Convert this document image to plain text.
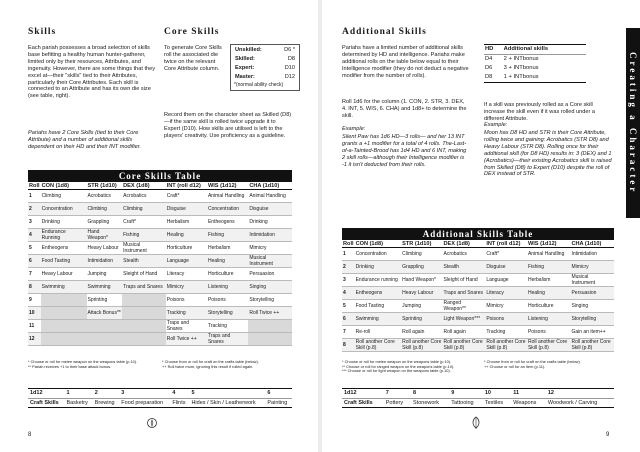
Skills
Each pariah possesses a broad selection of skills base befitting a healthy human hunter-gatherer, limited only by their resources, Attributes, and ingenuity. However, there are some things that they excel at—their "skills" tied to their Attributes, particularly their Core Attributes. Each skill is connected to an Attribute and has its own die size (see table, right).
Pariahs have 2 Core Skills (tied to their Core Attribute) and a number of additional skills dependent on their HD and their INT modifier.
Core Skills
To generate Core Skills roll the associated die twice on the relevant Core Attribute column.
Record them on the character sheet as Skilled (D8)—if the same skill is rolled twice upgrade it to Expert (D10). How skills are utilised is left to the players' creativity. Use proficiency as a guideline.
Unskilled:	D6 *
Skilled:	D8
Expert:	D10
Master:	D12
*(normal ability check)
Core Skills Table
Roll	CON (1d8)	STR (1d10)	DEX (1d8)	INT (roll d12)	WIS (1d12)	CHA (1d10)
1	Climbing	Acrobatics	Acrobatics	Craft*	Animal Handling	Animal Handling
2	Concentration	Climbing	Climbing	Disguise	Concentration	Disguise
3	Drinking	Grappling	Craft*	Herbalism	Entheogens	Drinking
4	Endurance Running	Hand Weapon*	Fishing	Healing	Fishing	Intimidation
5	Entheogens	Heavy Labour	Musical Instrument	Horticulture	Herbalism	Mimicry
6	Food Tasting	Intimidation	Stealth	Language	Healing	Musical Instrument
7	Heavy Labour	Jumping	Sleight of Hand	Literacy	Horticulture	Persuasion
8	Swimming	Swimming	Traps and Snares	Mimicry	Listening	Singing
9		Sprinting		Poisons	Poisons	Storytelling
10		Attack Bonus**		Tracking	Storytelling	Roll Twice ++
11				Traps and Snares	Tracking	
12				Roll Twice ++	Traps and Snares	
* Choose or roll for melee weapon on the weapons table (p.10).
** Pariah receives +1 to their base attack bonus.
* Choose from or roll for craft on the crafts table (below).
++ Roll twice more, ignoring this result if rolled again.
1d12	1	2	3	4	5	6
Craft Skills	Basketry	Brewing	Food preparation	Flints	Hides / Skin / Leatherwork	Painting
8
Additional Skills
Pariahs have a limited number of additional skills determined by HD and intelligence. Pariahs make additional rolls on the table below equal to their Intelligence modifier (they do not deduct a negative modifier from the number of rolls).
Roll 1d6 for the column (1. CON, 2. STR, 3. DEX, 4. INT, 5. WIS, 6. CHA) and 1d8+ to determine the skill.
Example:
Silent Paw has 1d6 HD—3 rolls— and her 13 INT grants a +1 modifier for a total of 4 rolls. The-Last-of-a-Tainted-Brood has 1d4 HD and 6 INT, making 2 skill rolls—although their Intelligence modifier is -1 it isn't deducted from their rolls.
HD	Additional skills
D4	2 + INTbonus
D6	3 + INTbonus
D8	1 + INTbonus
If a skill was previously rolled as a Core skill increase the skill even if it was rolled under a different Attribute.
Example:
Moon has D8 HD and STR is their Core Attribute, rolling twice and gaining: Acrobatics (STR D8) and Heavy Labour (STR D8). Rolling once for their additional skill (for D8 HD) results in: 3 (DEX) and 1 (Acrobatics)—their existing Acrobatics skill is raised from Skilled (D8) to Expert (D10) despite the roll of DEX instead of STR.	Creating a Character
Additional Skills Table
Roll	CON (1d8)	STR (1d10)	DEX (1d8)	INT (roll d12)	WIS (1d12)	CHA (1d10)
1	Concentration	Climbing	Acrobatics	Craft*	Animal Handling	Intimidation
2	Drinking	Grappling	Stealth	Disguise	Fishing	Mimicry
3	Endurance running	Hand Weapon*	Sleight of Hand	Language	Herbalism	Musical Instrument
4	Entheogens	Heavy Labour	Traps and Snares	Literacy	Healing	Persuasion
5	Food Tasting	Jumping	Ranged Weapon**	Mimicry	Horticulture	Singing
6	Swimming	Sprinting	Light Weapon***	Poisons	Listening	Storytelling
7	Re-roll	Roll again	Roll again	Tracking	Poisons	Gain an item++
8	Roll another Core Skill (p.8)	Roll another Core Skill (p.8)	Roll another Core Skill (p.8)	Roll another Core Skill (p.8)	Roll another Core Skill (p.8)	Roll another Core Skill (p.8)
* Choose or roll for melee weapon on the weapons table (p.10).
** Choose or roll for ranged weapon on the weapons table (p.10).
*** Choose or roll for light weapon on the weapons table (p.10).
* Choose from or roll for craft on the crafts table (below).
++ Choose or roll for an item (p.11).
1d12	7	8	9	10	11	12
Craft Skills	Pottery	Stonework	Tattooing	Textiles	Weapons	Woodwork / Carving
9
